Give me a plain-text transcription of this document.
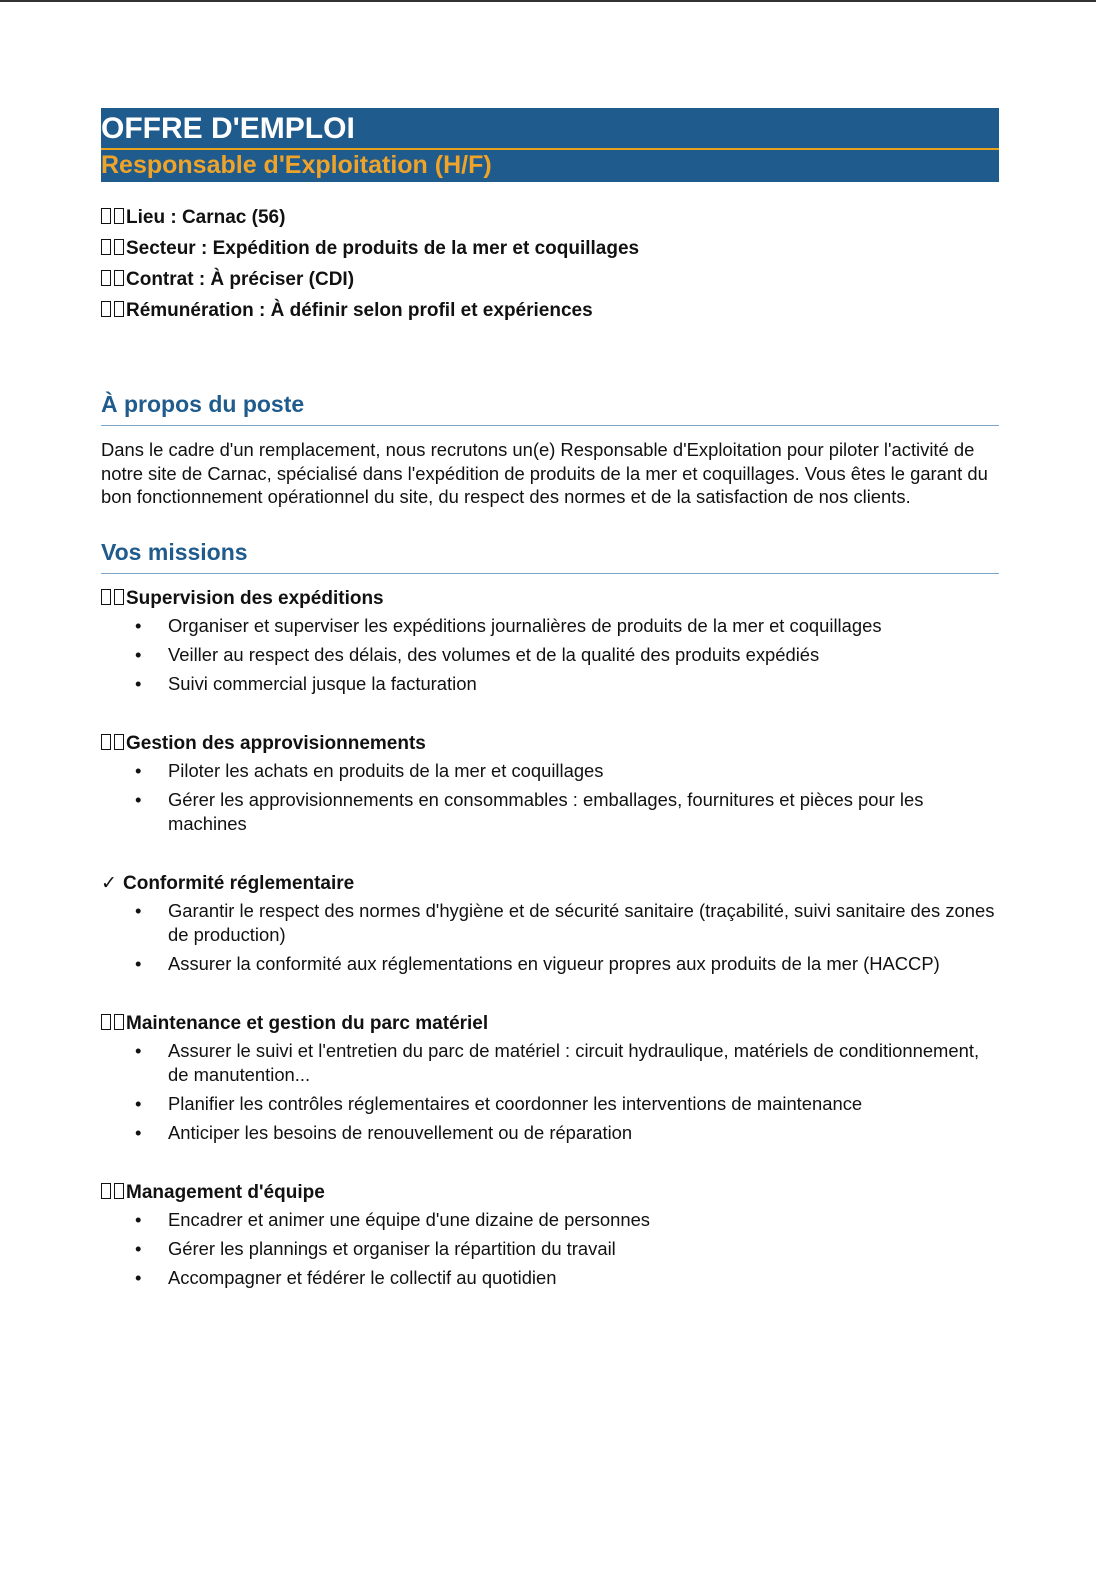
OFFRE D'EMPLOI
Responsable d'Exploitation (H/F)
Lieu : Carnac (56)
Secteur : Expédition de produits de la mer et coquillages
Contrat : À préciser (CDI)
Rémunération : À définir selon profil et expériences
À propos du poste
Dans le cadre d'un remplacement, nous recrutons un(e) Responsable d'Exploitation pour piloter l'activité de notre site de Carnac, spécialisé dans l'expédition de produits de la mer et coquillages. Vous êtes le garant du bon fonctionnement opérationnel du site, du respect des normes et de la satisfaction de nos clients.
Vos missions
Supervision des expéditions
• Organiser et superviser les expéditions journalières de produits de la mer et coquillages
• Veiller au respect des délais, des volumes et de la qualité des produits expédiés
• Suivi commercial jusque la facturation
Gestion des approvisionnements
• Piloter les achats en produits de la mer et coquillages
• Gérer les approvisionnements en consommables : emballages, fournitures et pièces pour les machines
✓ Conformité réglementaire
• Garantir le respect des normes d'hygiène et de sécurité sanitaire (traçabilité, suivi sanitaire des zones de production)
• Assurer la conformité aux réglementations en vigueur propres aux produits de la mer (HACCP)
Maintenance et gestion du parc matériel
• Assurer le suivi et l'entretien du parc de matériel : circuit hydraulique, matériels de conditionnement, de manutention...
• Planifier les contrôles réglementaires et coordonner les interventions de maintenance
• Anticiper les besoins de renouvellement ou de réparation
Management d'équipe
• Encadrer et animer une équipe d'une dizaine de personnes
• Gérer les plannings et organiser la répartition du travail
• Accompagner et fédérer le collectif au quotidien
